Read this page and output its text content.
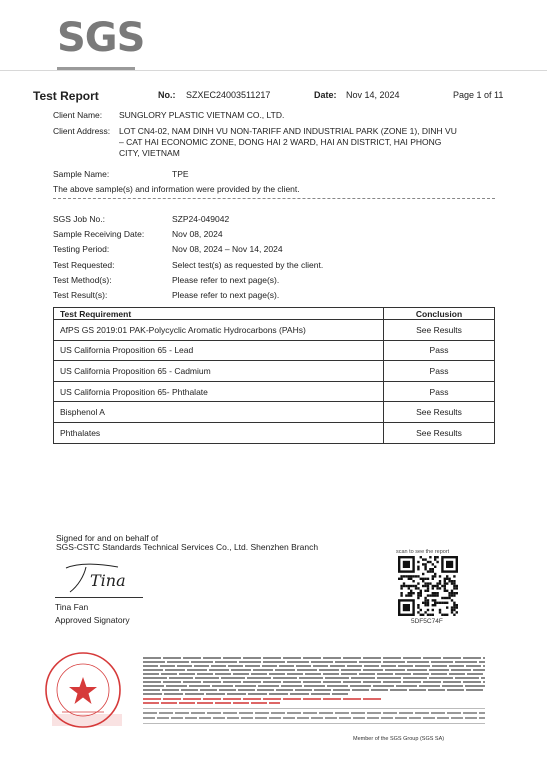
SGS
Test Report	No.: SZXEC24003511217	Date: Nov 14, 2024	Page 1 of 11
Client Name: SUNGLORY PLASTIC VIETNAM CO., LTD.
Client Address: LOT CN4-02, NAM DINH VU NON-TARIFF AND INDUSTRIAL PARK (ZONE 1), DINH VU
– CAT HAI ECONOMIC ZONE, DONG HAI 2 WARD, HAI AN DISTRICT, HAI PHONG
CITY, VIETNAM
Sample Name:	TPE
The above sample(s) and information were provided by the client.
SGS Job No.:	SZP24-049042
Sample Receiving Date:	Nov 08, 2024
Testing Period:	Nov 08, 2024 – Nov 14, 2024
Test Requested:	Select test(s) as requested by the client.
Test Method(s):	Please refer to next page(s).
Test Result(s):	Please refer to next page(s).
Test Requirement	Conclusion
AfPS GS 2019:01 PAK-Polycyclic Aromatic Hydrocarbons (PAHs)	See Results
US California Proposition 65 - Lead	Pass
US California Proposition 65 - Cadmium	Pass
US California Proposition 65- Phthalate	Pass
Bisphenol A	See Results
Phthalates	See Results
Signed for and on behalf of
SGS-CSTC Standards Technical Services Co., Ltd. Shenzhen Branch
Tina
Tina Fan
Approved Signatory
scan to see the report
5DF5C74F
Member of the SGS Group (SGS SA)
